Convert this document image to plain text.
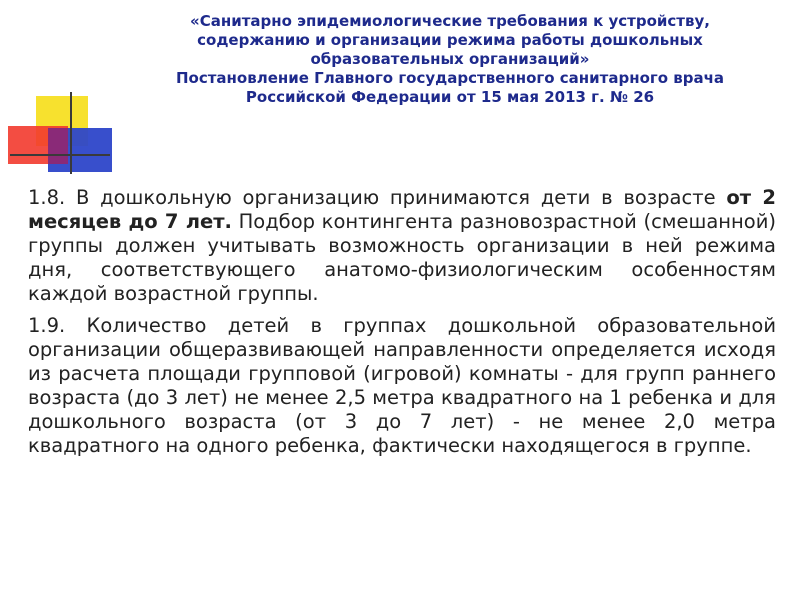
«Санитарно эпидемиологические требования к устройству,
содержанию и организации режима работы дошкольных
образовательных организаций»
Постановление Главного государственного санитарного врача
Российской Федерации от 15 мая 2013 г. № 26

1.8. В дошкольную организацию принимаются дети в возрасте от 2 месяцев до 7 лет. Подбор контингента разновозрастной (смешанной) группы должен учитывать возможность организации в ней режима дня, соответствующего анатомо-физиологическим особенностям каждой возрастной группы.

1.9. Количество детей в группах дошкольной образовательной организации общеразвивающей направленности определяется исходя из расчета площади групповой (игровой) комнаты - для групп раннего возраста (до 3 лет) не менее 2,5 метра квадратного на 1 ребенка и для дошкольного возраста (от 3 до 7 лет) - не менее 2,0 метра квадратного на одного ребенка, фактически находящегося в группе.
